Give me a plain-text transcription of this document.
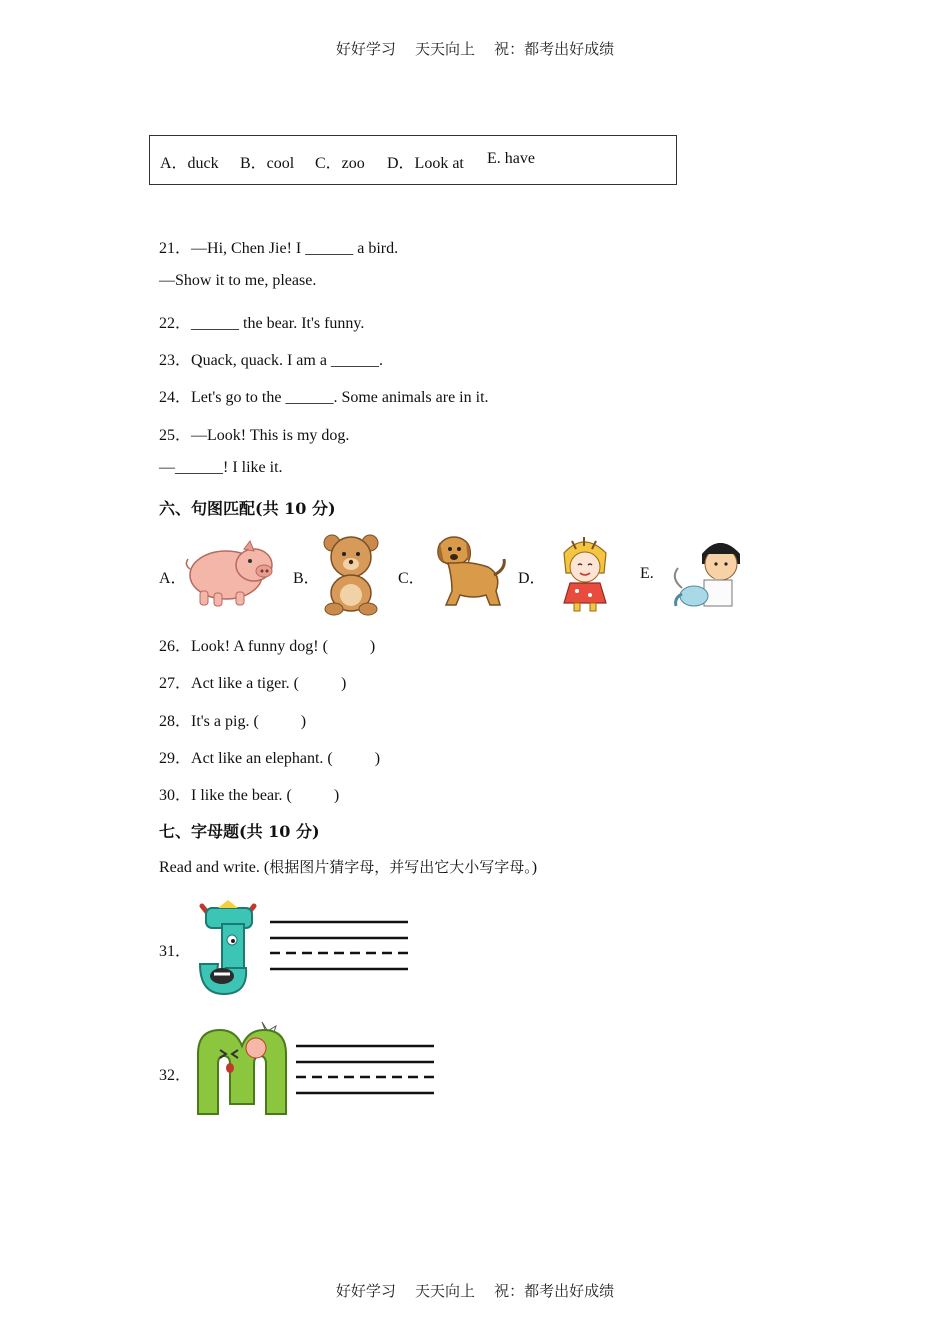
好好学习    天天向上    祝：都考出好成绩
A．duck B．cool C．zoo D．Look at E. have
21．—Hi, Chen Jie! I ______ a bird.
—Show it to me, please.
22．______ the bear. It's funny.
23．Quack, quack. I am a ______.
24．Let's go to the ______. Some animals are in it.
25．—Look! This is my dog.
—______! I like it.
六、句图匹配(共 10 分)
A．	B．	C．	D．	E.
26．Look! A funny dog! (	)
27．Act like a tiger. (	)
28．It's a pig. (	)
29．Act like an elephant. (	)
30．I like the bear. (	)
七、字母题(共 10 分)
Read and write. (根据图片猜字母，并写出它大小写字母。)
31．
32．
好好学习    天天向上    祝：都考出好成绩
